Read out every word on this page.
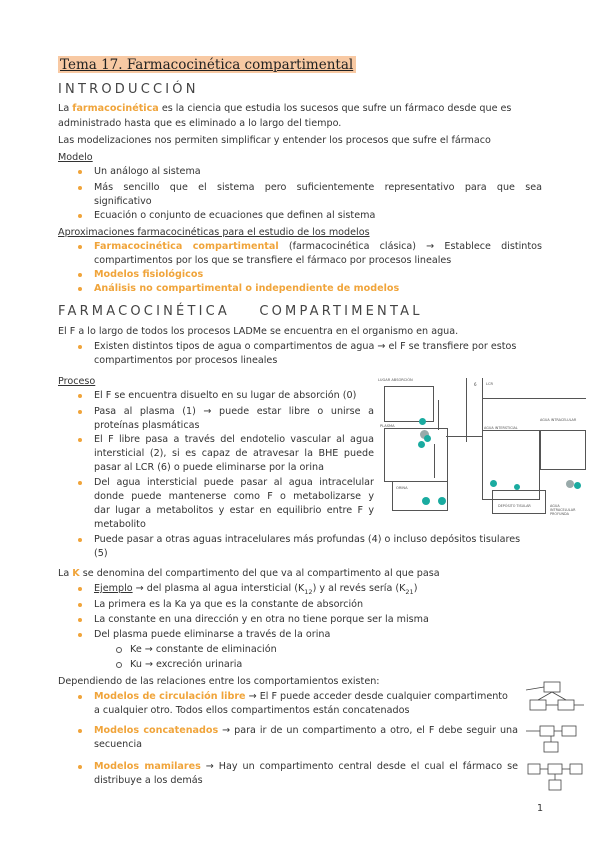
Tema 17. Farmacocinética compartimental
INTRODUCCIÓN
La farmacocinética es la ciencia que estudia los sucesos que sufre un fármaco desde que es
administrado hasta que es eliminado a lo largo del tiempo.
Las modelizaciones nos permiten simplificar y entender los procesos que sufre el fármaco
Modelo
Un análogo al sistema
Más sencillo que el sistema pero suficientemente representativo para que sea
significativo
Ecuación o conjunto de ecuaciones que definen al sistema
Aproximaciones farmacocinéticas para el estudio de los modelos
Farmacocinética compartimental (farmacocinética clásica) → Establece distintos
compartimentos por los que se transfiere el fármaco por procesos lineales
Modelos fisiológicos
Análisis no compartimental o independiente de modelos
FARMACOCINÉTICA COMPARTIMENTAL
El F a lo largo de todos los procesos LADMe se encuentra en el organismo en agua.
Existen distintos tipos de agua o compartimentos de agua → el F se transfiere por estos
compartimentos por procesos lineales
Proceso
El F se encuentra disuelto en su lugar de absorción (0)
Pasa al plasma (1) → puede estar libre o unirse a
proteínas plasmáticas
El F libre pasa a través del endotelio vascular al agua
intersticial (2), si es capaz de atravesar la BHE puede
pasar al LCR (6) o puede eliminarse por la orina
Del agua intersticial puede pasar al agua intracelular
donde puede mantenerse como F o metabolizarse y
dar lugar a metabolitos y estar en equilibrio entre F y
metabolito
Puede pasar a otras aguas intracelulares más profundas (4) o incluso depósitos tisulares
(5)
LUGAR ABSORCIÓN
PLASMA
6	LCR
AGUA INTRACELULAR
AGUA INTERSTICIAL
ORINA
DEPÓSITO TISULAR	AGUA INTRACELULAR PROFUNDA
La K se denomina del compartimento del que va al compartimento al que pasa
Ejemplo → del plasma al agua intersticial $(K_{12})$ y al revés sería $(K_{21})$
La primera es la Ka ya que es la constante de absorción
La constante en una dirección y en otra no tiene porque ser la misma
Del plasma puede eliminarse a través de la orina
Ke → constante de eliminación
Ku → excreción urinaria
Dependiendo de las relaciones entre los comportamientos existen:
Modelos de circulación libre → El F puede acceder desde cualquier compartimento
a cualquier otro. Todos ellos compartimentos están concatenados
Modelos concatenados → para ir de un compartimento a otro, el F debe seguir una
secuencia
Modelos mamilares → Hay un compartimento central desde el cual el fármaco se
distribuye a los demás
1
